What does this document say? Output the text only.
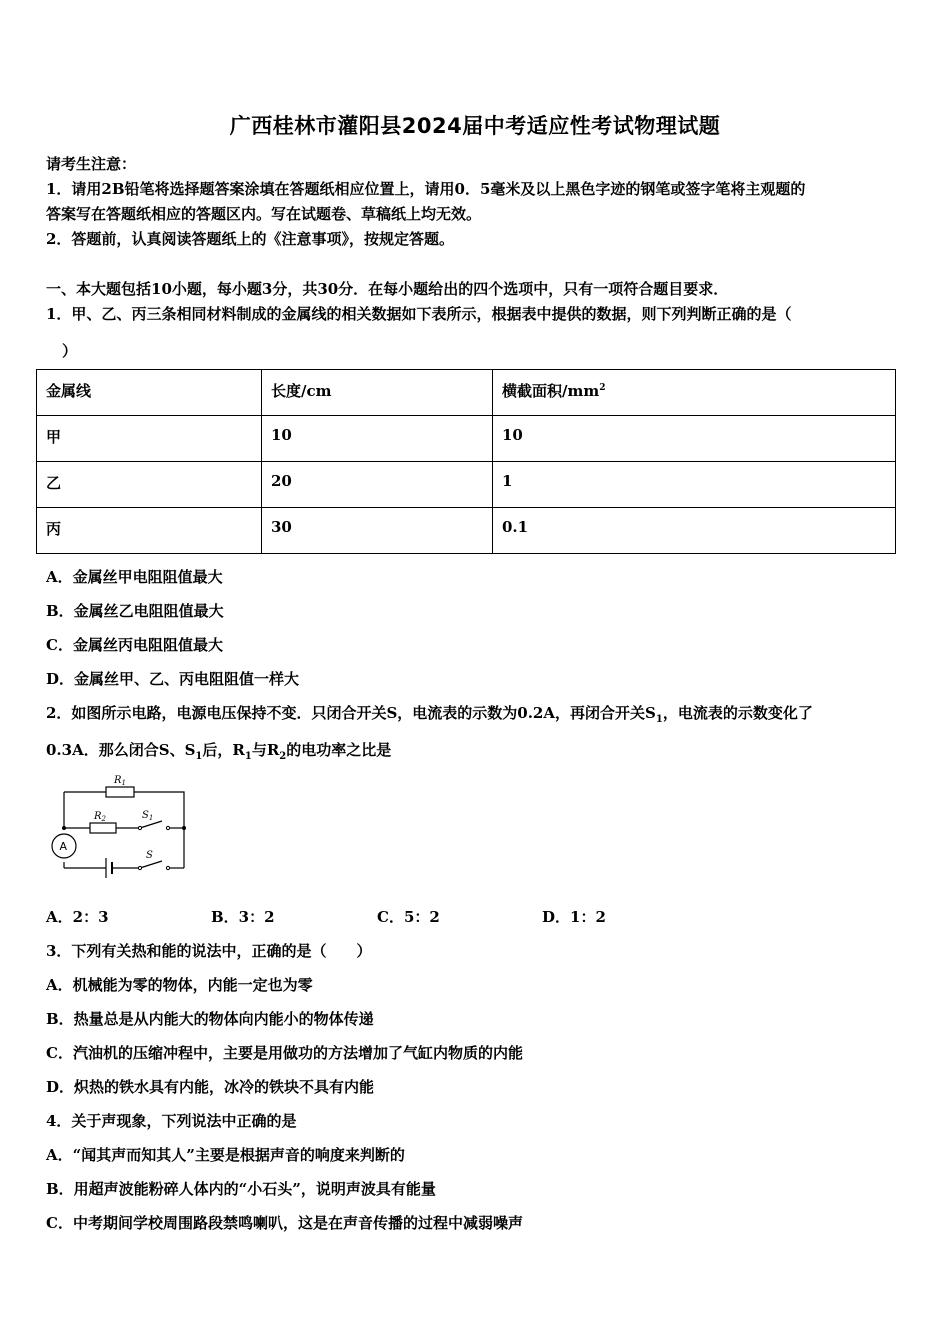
广西桂林市灌阳县2024届中考适应性考试物理试题
请考生注意：
1．请用2B铅笔将选择题答案涂填在答题纸相应位置上，请用0．5毫米及以上黑色字迹的钢笔或签字笔将主观题的
答案写在答题纸相应的答题区内。写在试题卷、草稿纸上均无效。
2．答题前，认真阅读答题纸上的《注意事项》，按规定答题。
一、本大题包括10小题，每小题3分，共30分．在每小题给出的四个选项中，只有一项符合题目要求．
1．甲、乙、丙三条相同材料制成的金属线的相关数据如下表所示，根据表中提供的数据，则下列判断正确的是（
）
金属线	长度/cm	横截面积$/mm^2$
甲	10	10
乙	20	1
丙	30	0.1
A．金属丝甲电阻阻值最大
B．金属丝乙电阻阻值最大
C．金属丝丙电阻阻值最大
D．金属丝甲、乙、丙电阻阻值一样大
2．如图所示电路，电源电压保持不变．只闭合开关S，电流表的示数为0.2A，再闭合开关$S_1$，电流表的示数变化了
0.3A．那么闭合S、$S_1$后，$R_1$与$R_2$的电功率之比是
$R_1$
$R_2$	$S_1$
S
A
A．2：3	B．3：2	C．5：2	D．1：2
3．下列有关热和能的说法中，正确的是（　　）
A．机械能为零的物体，内能一定也为零
B．热量总是从内能大的物体向内能小的物体传递
C．汽油机的压缩冲程中，主要是用做功的方法增加了气缸内物质的内能
D．炽热的铁水具有内能，冰冷的铁块不具有内能
4．关于声现象，下列说法中正确的是
A．“闻其声而知其人”主要是根据声音的响度来判断的
B．用超声波能粉碎人体内的“小石头”，说明声波具有能量
C．中考期间学校周围路段禁鸣喇叭，这是在声音传播的过程中减弱噪声
